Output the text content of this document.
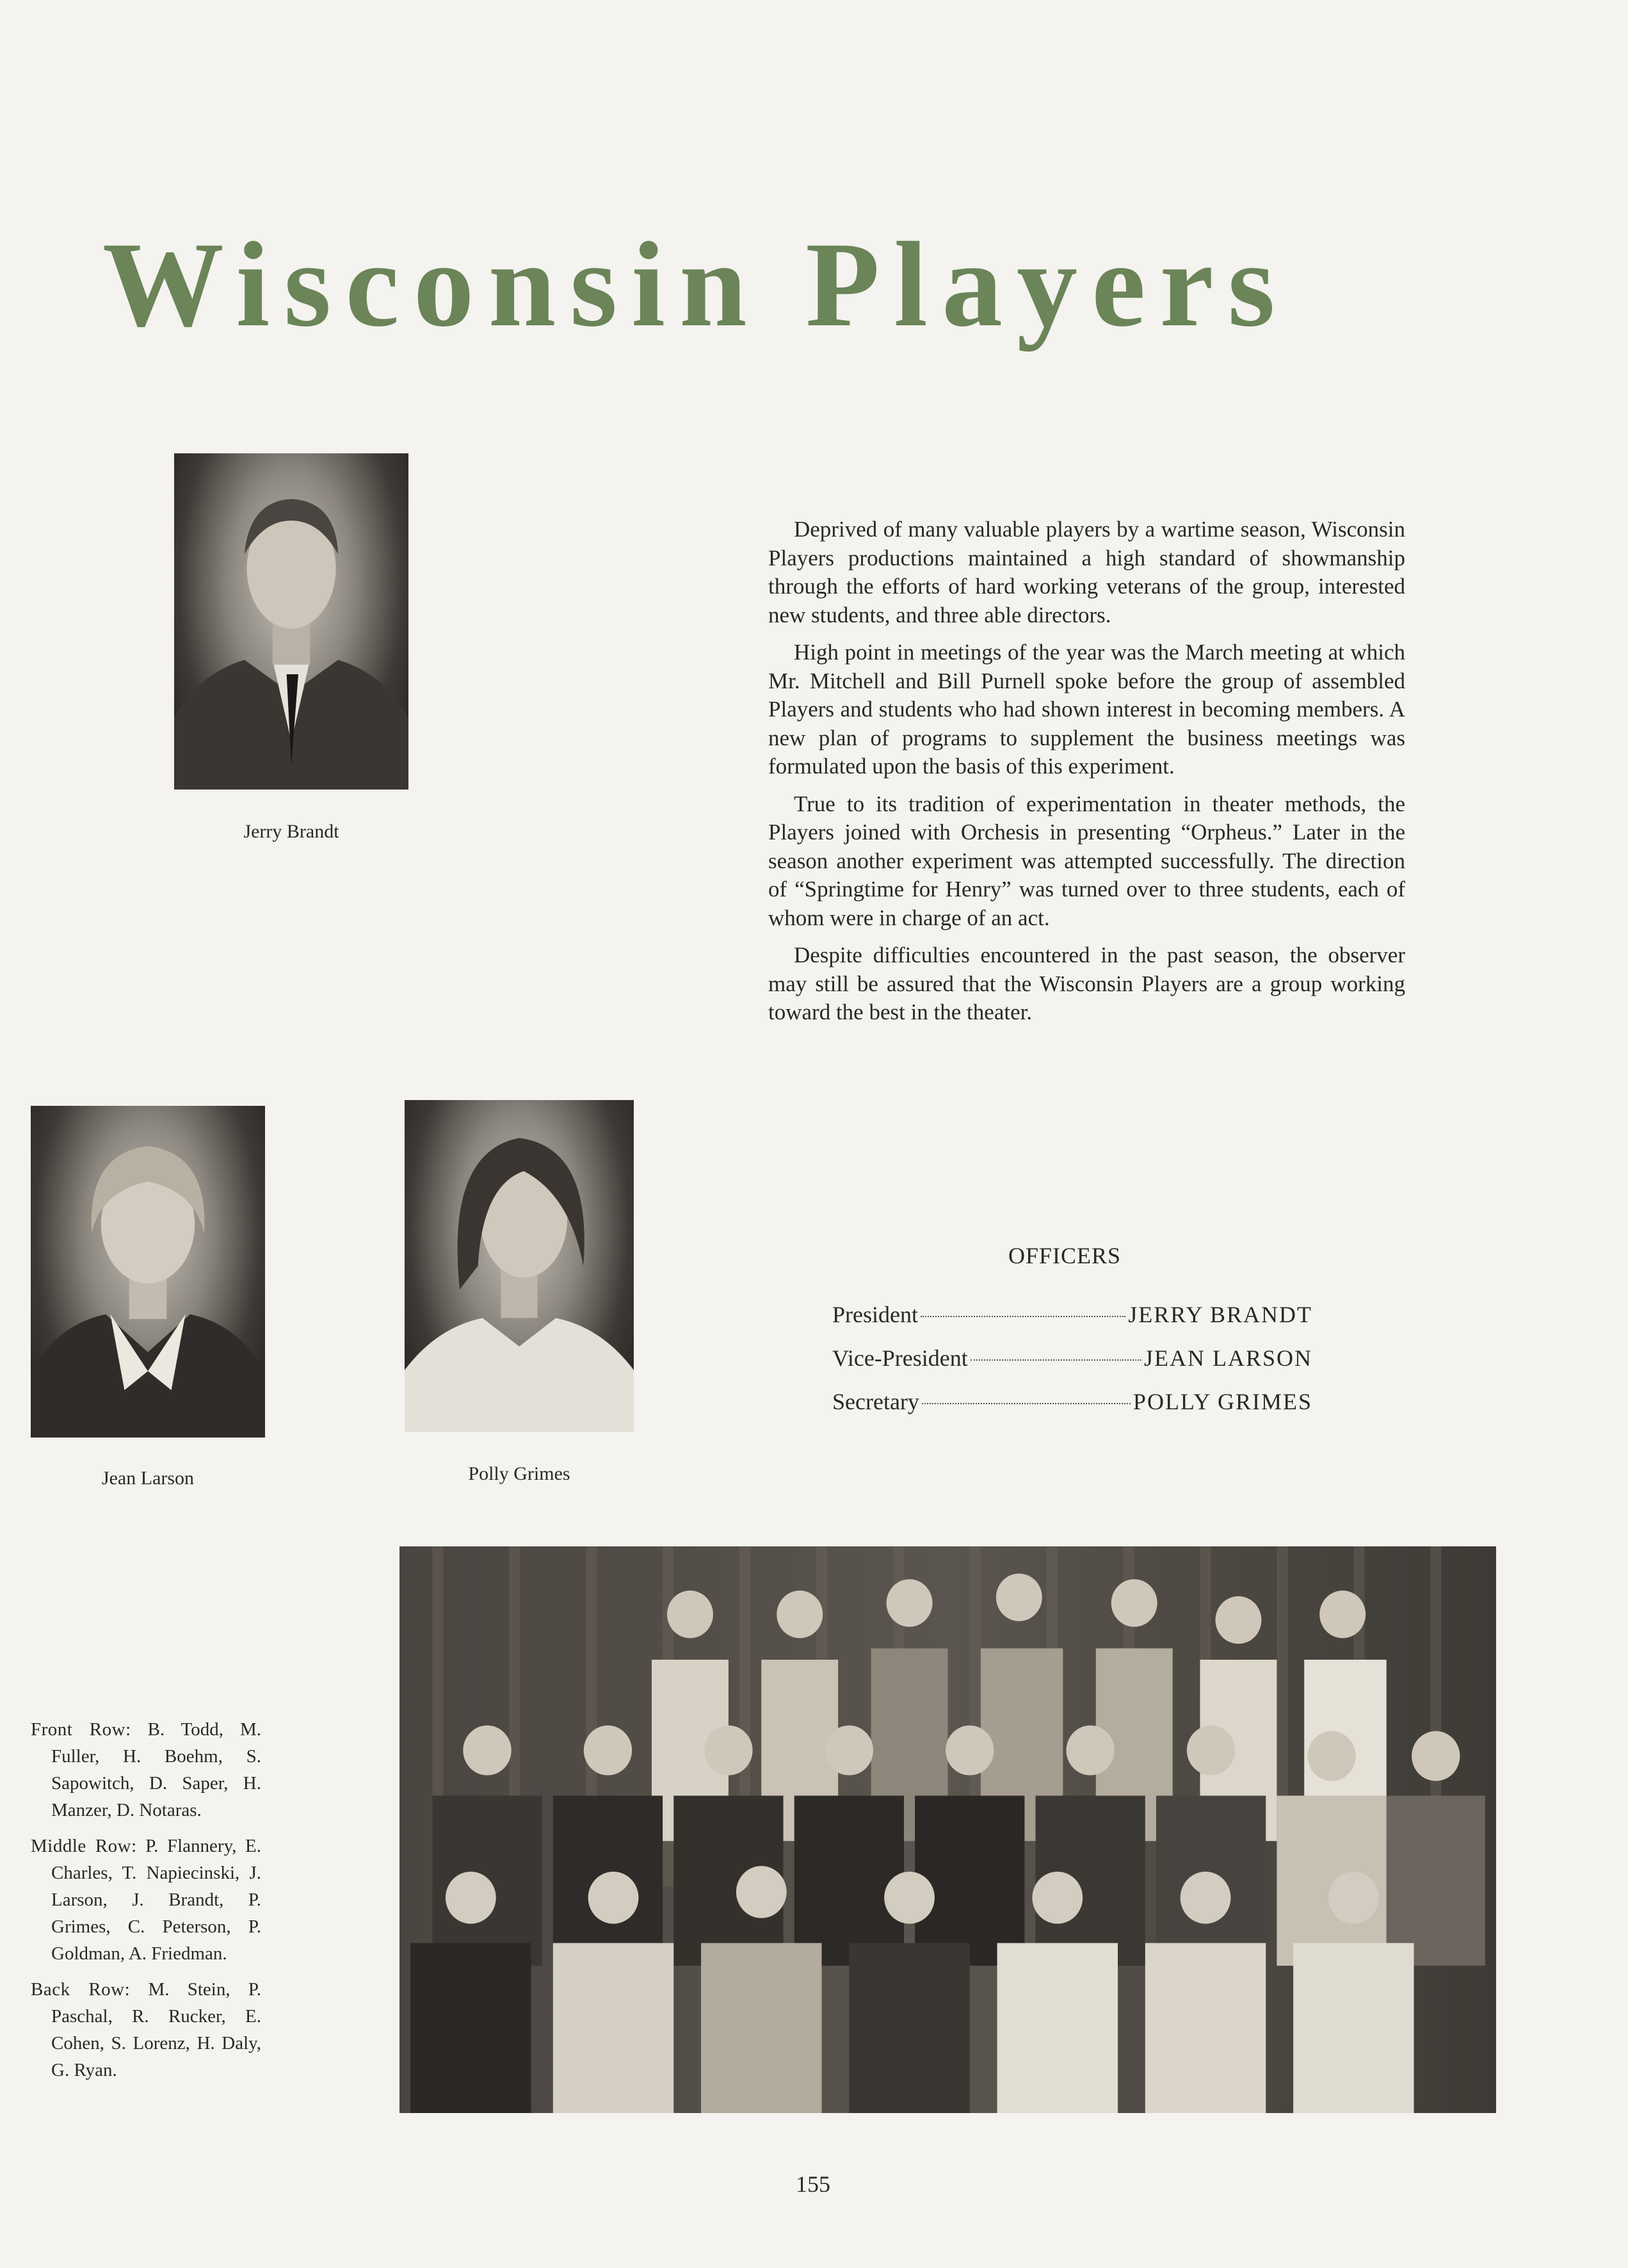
Wisconsin Players
Jerry Brandt
Jean Larson	Polly Grimes

Deprived of many valuable players by a wartime season, Wisconsin Players productions maintained a high standard of showmanship through the efforts of hard working veterans of the group, interested new students, and three able directors.

High point in meetings of the year was the March meeting at which Mr. Mitchell and Bill Purnell spoke before the group of assembled Players and students who had shown interest in becoming members. A new plan of programs to supplement the business meetings was formulated upon the basis of this experiment.

True to its tradition of experimentation in theater methods, the Players joined with Orchesis in presenting “Orpheus.” Later in the season another experiment was attempted successfully. The direction of “Springtime for Henry” was turned over to three students, each of whom were in charge of an act.

Despite difficulties encountered in the past season, the observer may still be assured that the Wisconsin Players are a group working toward the best in the theater.

OFFICERS
President	JERRY BRANDT
Vice-President	JEAN LARSON
Secretary	POLLY GRIMES

Front Row: B. Todd, M. Fuller, H. Boehm, S. Sapowitch, D. Saper, H. Manzer, D. Notaras.

Middle Row: P. Flannery, E. Charles, T. Napiecinski, J. Larson, J. Brandt, P. Grimes, C. Peterson, P. Goldman, A. Friedman.

Back Row: M. Stein, P. Paschal, R. Rucker, E. Cohen, S. Lorenz, H. Daly, G. Ryan.

155
